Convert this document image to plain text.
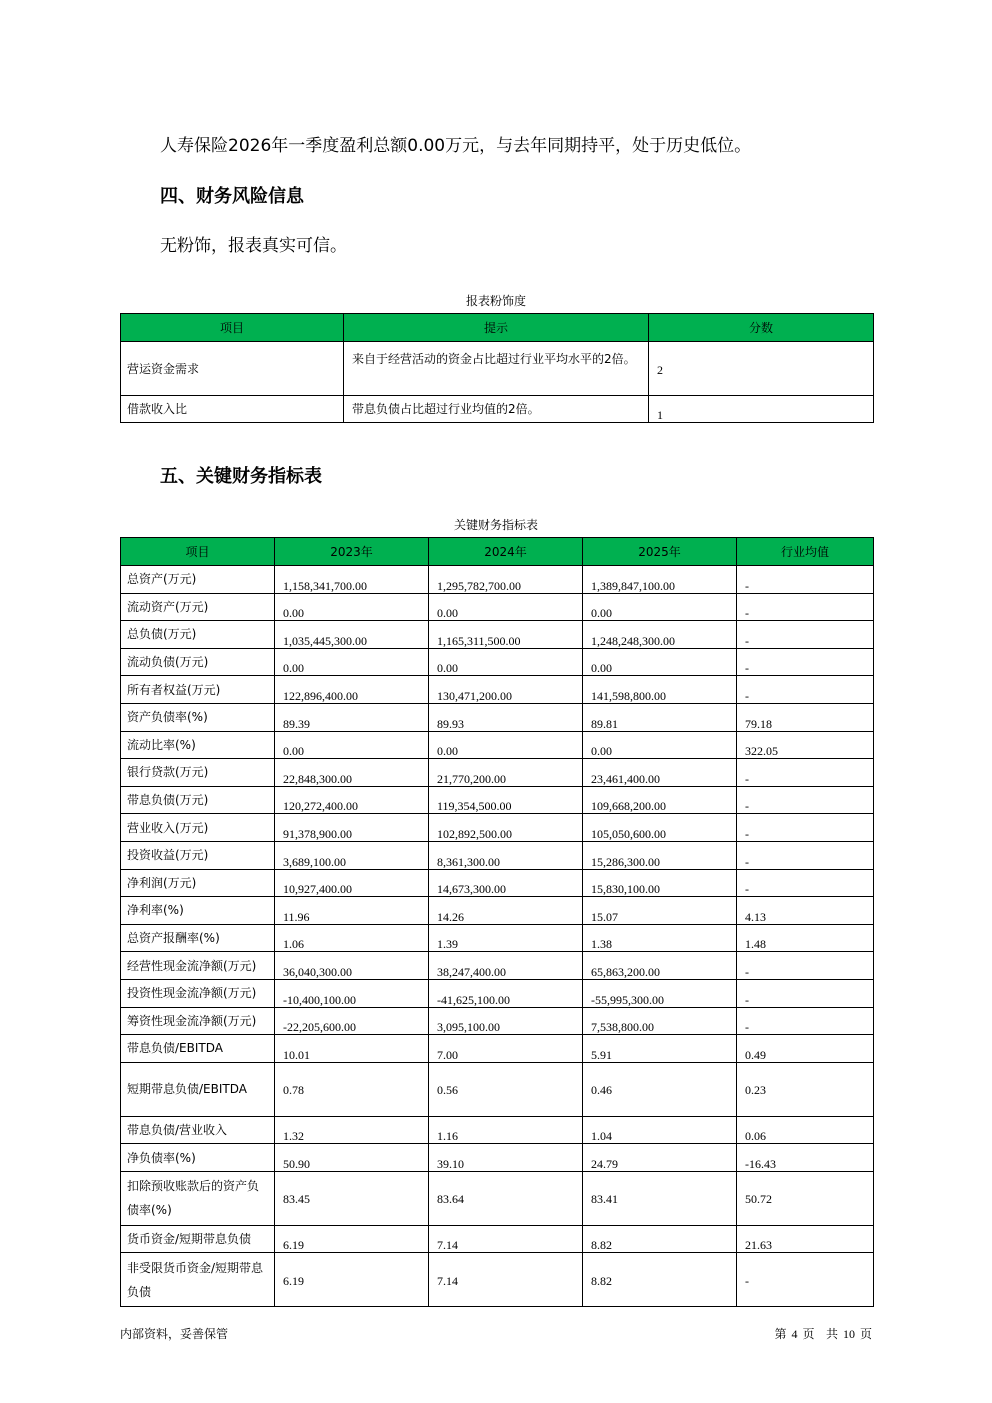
人寿保险2026年一季度盈利总额0.00万元，与去年同期持平，处于历史低位。

四、财务风险信息

无粉饰，报表真实可信。

报表粉饰度
项目	提示	分数
营运资金需求	来自于经营活动的资金占比超过行业平均水平的2倍。	2
借款收入比	带息负债占比超过行业均值的2倍。	1
五、关键财务指标表
关键财务指标表
项目	2023年	2024年	2025年	行业均值
总资产(万元)	1,158,341,700.00	1,295,782,700.00	1,389,847,100.00	-
流动资产(万元)	0.00	0.00	0.00	-
总负债(万元)	1,035,445,300.00	1,165,311,500.00	1,248,248,300.00	-
流动负债(万元)	0.00	0.00	0.00	-
所有者权益(万元)	122,896,400.00	130,471,200.00	141,598,800.00	-
资产负债率(%)	89.39	89.93	89.81	79.18
流动比率(%)	0.00	0.00	0.00	322.05
银行贷款(万元)	22,848,300.00	21,770,200.00	23,461,400.00	-
带息负债(万元)	120,272,400.00	119,354,500.00	109,668,200.00	-
营业收入(万元)	91,378,900.00	102,892,500.00	105,050,600.00	-
投资收益(万元)	3,689,100.00	8,361,300.00	15,286,300.00	-
净利润(万元)	10,927,400.00	14,673,300.00	15,830,100.00	-
净利率(%)	11.96	14.26	15.07	4.13
总资产报酬率(%)	1.06	1.39	1.38	1.48
经营性现金流净额(万元)	36,040,300.00	38,247,400.00	65,863,200.00	-
投资性现金流净额(万元)	-10,400,100.00	-41,625,100.00	-55,995,300.00	-
筹资性现金流净额(万元)	-22,205,600.00	3,095,100.00	7,538,800.00	-
带息负债/EBITDA	10.01	7.00	5.91	0.49
短期带息负债/EBITDA	0.78	0.56	0.46	0.23
带息负债/营业收入	1.32	1.16	1.04	0.06
净负债率(%)	50.90	39.10	24.79	-16.43
扣除预收账款后的资产负债率(%)	83.45	83.64	83.41	50.72
货币资金/短期带息负债	6.19	7.14	8.82	21.63
非受限货币资金/短期带息负债	6.19	7.14	8.82	-
内部资料，妥善保管	第 4 页 共 10 页
